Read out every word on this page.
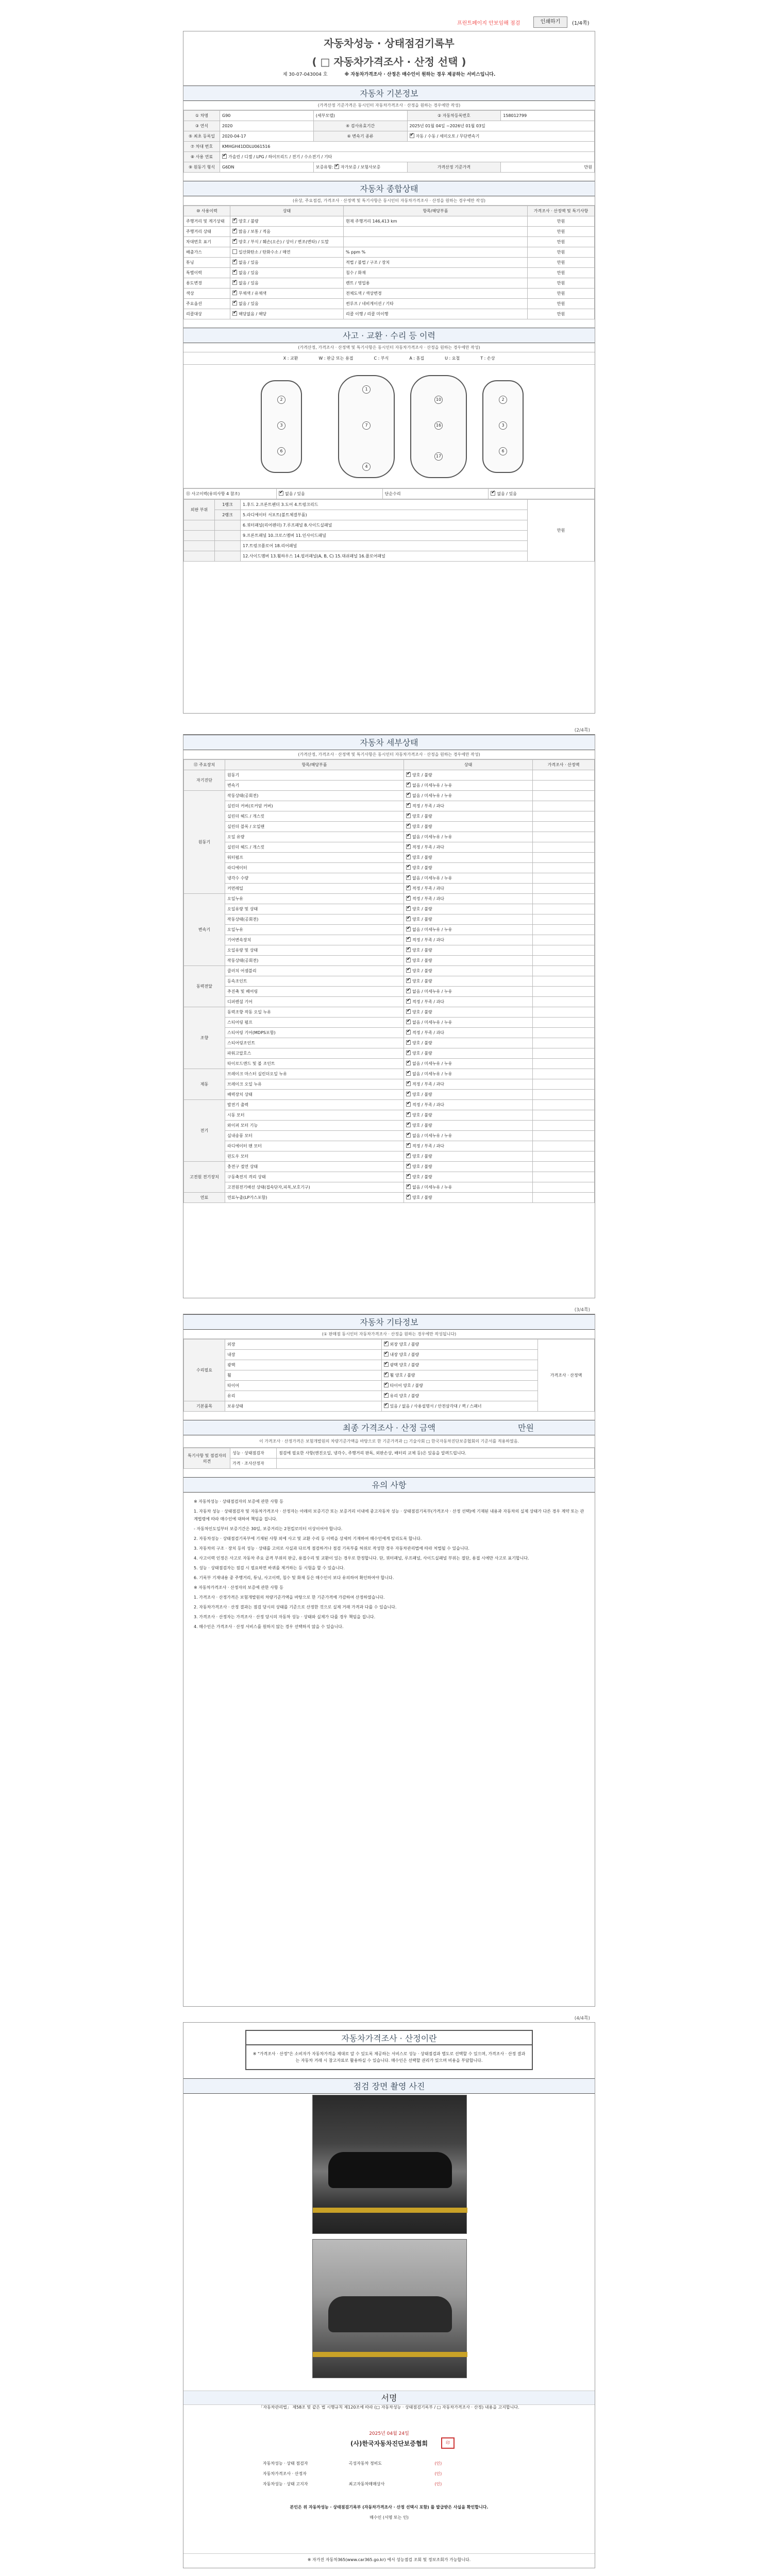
프린트페이지 안보임해 점검	인쇄하기	(1/4쪽)
자동차성능 · 상태점검기록부
( □ 자동차가격조사 · 산정 선택 )
제 30-07-043004 호	※ 자동차가격조사 · 산정은 매수인이 원하는 경우 제공하는 서비스입니다.
자동차 기본정보
(가격산정 기준가격은 동시인터 자동차가격조사 · 산정을 원하는 경우에만 작성)
① 차명	G90	(세부모델)	② 자동차등록번호	158012799
③ 연식	2020	④ 검사유효기간	2025년 01월 04일 ~2026년 01월 03일	
⑤ 최초 등록일	2020-04-17	⑥ 변속기 종류	✔자동 / 수동 / 세미오토 / 무단변속기
⑦ 차대 번호	KMHGH41DDLU061516			
⑧ 사용 연료	✔가솔린 / 디젤 / LPG / 하이브리드 / 전기 / 수소전기 / 기타
⑨ 원동기 형식	G6DN	보증유형: ✔자가보증 / 보험사보증	가격산정 기준가격	만원
자동차 종합상태
(유상, 주요점검, 가격조사 · 산정액 및 특기사항은 동시인터 자동차가격조사 · 산정을 원하는 경우에만 작성)
⑩ 사용이력	상태	항목/해당부품	가격조사 · 산정액 및 특기사항
주행거리 및 계기상태	✔양호 / 불량	현재 주행거리 146,413 km	만원
주행거리 상태	✔많음 / 보통 / 적음		만원
차대번호 표기	✔양호 / 부식 / 훼손(오손) / 상이 / 변조(변타) / 도말		만원
배출가스	일산화탄소 / 탄화수소 / 매연	% ppm %	만원
튜닝	✔없음 / 있음	적법 / 불법 / 구조 / 장치	만원
특별이력	✔없음 / 있음	침수 / 화재	만원
용도변경	✔없음 / 있음	렌트 / 영업용	만원
색상	✔무채색 / 유채색	전체도색 / 색상변경	만원
주요옵션	✔없음 / 있음	썬루프 / 네비게이션 / 기타	만원
리콜대상	✔해당없음 / 해당	리콜 이행 / 리콜 미이행	만원
사고 · 교환 · 수리 등 이력
(가격산정, 가격조사 · 산정액 및 특기사항은 동시인터 자동차가격조사 · 산정을 원하는 경우에만 작성)
X : 교환	W : 판금 또는 용접	C : 부식	A : 흠집	U : 요철	T : 손상
2
3
6
1
7
4
10
16
17
2
3
6
⑪ 사고이력(유의사항 4 참조)	✔없음 / 있음	단순수리	✔없음 / 있음
외판 부위	1랭크	1.후드 2.프론트펜더 3.도어 4.트렁크리드	만원
	2랭크	5.라디에이터 서포트(볼트체결부품)	
		6.쿼터패널(리어펜더) 7.루프패널 8.사이드실패널	
		9.프론트패널 10.크로스멤버 11.인사이드패널	
		17.트렁크플로어 18.리어패널	
		12.사이드멤버 13.휠하우스 14.필러패널(A, B, C) 15.대쉬패널 16.플로어패널	
(2/4쪽)
자동차 세부상태
(가격산정, 가격조사 · 산정액 및 특기사항은 동시인터 자동차가격조사 · 산정을 원하는 경우에만 작성)
⑫ 주요장치	항목/해당부품	상태	가격조사 · 산정액
자기진단	원동기	✔양호 / 불량	
	변속기	✔없음 / 미세누유 / 누유	
원동기	작동상태(공회전)	✔없음 / 미세누유 / 누유	
	실린더 커버(로커암 커버)	✔적정 / 부족 / 과다	
	실린더 헤드 / 개스킷	✔양호 / 불량	
	실린더 블록 / 오일팬	✔양호 / 불량	
	오일 유량	✔없음 / 미세누유 / 누유	
	실린더 헤드 / 개스킷	✔적정 / 부족 / 과다	
	워터펌프	✔양호 / 불량	
	라디에이터	✔양호 / 불량	
	냉각수 수량	✔없음 / 미세누유 / 누유	
	커먼레일	✔적정 / 부족 / 과다	
변속기	오일누유	✔적정 / 부족 / 과다	
	오일유량 및 상태	✔양호 / 불량	
	작동상태(공회전)	✔양호 / 불량	
	오일누유	✔없음 / 미세누유 / 누유	
	기어변속장치	✔적정 / 부족 / 과다	
	오일유량 및 상태	✔양호 / 불량	
	작동상태(공회전)	✔양호 / 불량	
동력전달	클러치 어셈블리	✔양호 / 불량	
	등속조인트	✔양호 / 불량	
	추진축 및 베어링	✔없음 / 미세누유 / 누유	
	디퍼렌셜 기어	✔적정 / 부족 / 과다	
조향	동력조향 작동 오일 누유	✔양호 / 불량	
	스티어링 펌프	✔없음 / 미세누유 / 누유	
	스티어링 기어(MDPS포함)	✔적정 / 부족 / 과다	
	스티어링조인트	✔양호 / 불량	
	파워고압호스	✔양호 / 불량	
	타이로드엔드 및 볼 조인트	✔없음 / 미세누유 / 누유	
제동	브레이크 마스터 실린더오일 누유	✔없음 / 미세누유 / 누유	
	브레이크 오일 누유	✔적정 / 부족 / 과다	
	배력장치 상태	✔양호 / 불량	
전기	발전기 출력	✔적정 / 부족 / 과다	
	시동 모터	✔양호 / 불량	
	와이퍼 모터 기능	✔양호 / 불량	
	실내송풍 모터	✔없음 / 미세누유 / 누유	
	라디에이터 팬 모터	✔적정 / 부족 / 과다	
	윈도우 모터	✔양호 / 불량	
고전원 전기장치	충전구 절연 상태	✔양호 / 불량	
	구동축전지 격리 상태	✔양호 / 불량	
	고전원전기배선 상태(접속단자,피복,보호기구)	✔없음 / 미세누유 / 누유	
연료	연료누출(LP가스포함)	✔양호 / 불량	
(3/4쪽)
자동차 기타정보
(① 판매점 동시인터 자동차가격조사 · 산정을 원하는 경우에만 작성됩니다)
수리필요	외장	✔외장 양호 / 불량	가격조사 · 산정액
	내장	✔내장 양호 / 불량
	광택	✔광택 양호 / 불량
	휠	✔휠 양호 / 불량
	타이어	✔타이어 양호 / 불량
	유리	✔유리 양호 / 불량
기본품목	보유상태	✔있음 / 없음 / 사용설명서 / 안전삼각대 / 잭 / 스패너
최종 가격조사 · 산정 금액	만원
이 가격조사 · 산정가격은 보험개발원의 차량기준가액을 바탕으로 한 기준가격과 □ 기술사회 □ 한국자동차진단보증협회의 기준서를 적용하였음.
특기사항 및 점검자의 의견	성능 · 상태점검자	점검에 필요한 사항(엔진오일, 냉각수, 주행거리 판독, 외판손상, 배터리 교체 등)은 있음을 알려드립니다.
	가격 · 조사산정자	
유의 사항

※ 자동차성능 · 상태점검자의 보증에 관한 사항 등

1. 자동차 성능 · 상태점검자 및 자동차가격조사 · 산정자는 아래의 보증기간 또는 보증거리 이내에 중고자동차 성능 · 상태점검기록부(가격조사 · 산정 선택)에 기재된 내용과 자동차의 실제 상태가 다른 경우 계약 또는 관계법령에 따라 매수인에 대하여 책임을 집니다.

- 자동차인도일부터 보증기간은 30일, 보증거리는 2천킬로미터 이상이어야 합니다.

2. 자동차성능 · 상태점검기록부에 기재된 사항 외에 사고 및 교환 수리 등 이력을 상세히 기재하여 매수인에게 알리도록 합니다.

3. 자동차의 구조 · 장치 등의 성능 · 상태를 고의로 사실과 다르게 점검하거나 점검 기록부를 허위로 작성한 경우 자동차관리법에 따라 처벌될 수 있습니다.

4. 사고이력 인정은 사고로 자동차 주요 골격 부위의 판금, 용접수리 및 교환이 있는 경우로 한정합니다. 단, 쿼터패널, 루프패널, 사이드실패널 부위는 절단, 용접 시에만 사고로 표기합니다.

5. 성능 · 상태점검자는 점검 시 필요하면 바퀴를 제거하는 등 시험을 할 수 있습니다.

6. 기록부 기재내용 중 주행거리, 튜닝, 사고이력, 침수 및 화재 등은 매수인이 보다 유의하여 확인하여야 합니다.

※ 자동차가격조사 · 산정자의 보증에 관한 사항 등

1. 가격조사 · 산정가격은 보험개발원의 차량기준가액을 바탕으로 한 기준가격에 가감하여 산정하였습니다.

2. 자동차가격조사 · 산정 결과는 점검 당시의 상태를 기준으로 산정한 것으로 실제 거래 가격과 다를 수 있습니다.

3. 가격조사 · 산정자는 가격조사 · 산정 당시의 자동차 성능 · 상태와 실제가 다를 경우 책임을 집니다.

4. 매수인은 가격조사 · 산정 서비스를 원하지 않는 경우 선택하지 않을 수 있습니다.

(4/4쪽)
자동차가격조사 · 산정이란
※ "가격조사 · 산정"은 소비자가 자동차가격을 제대로 알 수 있도록 제공하는 서비스로 성능 · 상태점검과 별도로 선택할 수 있으며, 가격조사 · 산정 결과는 자동차 거래 시 참고자료로 활용하실 수 있습니다. 매수인은 선택할 권리가 있으며 비용을 부담합니다.
점검 장면 촬영 사진
서명
「자동차관리법」 제58조 및 같은 법 시행규칙 제120조에 따라 (□ 자동차성능 · 상태점검기록부 / □ 자동차가격조사 · 산정) 내용을 고지합니다.
2025년 04월 24일
(사)한국자동차진단보증협회	印
자동차성능 · 상태 점검자	곡성자동차 정비도	(인)
자동차가격조사 · 산정자		(인)
자동차성능 · 상태 고지자	최고자동차매매상사	(인)
본인은 위 자동차성능 · 상태점검기록부 (자동차가격조사 · 산정 선택시 포함) 를 발급받은 사실을 확인합니다.
매수인 (서명 또는 인)
※ 자가진 자동차365(www.car365.go.kr) 에서 성능점검 조회 및 정보조회가 가능합니다.
